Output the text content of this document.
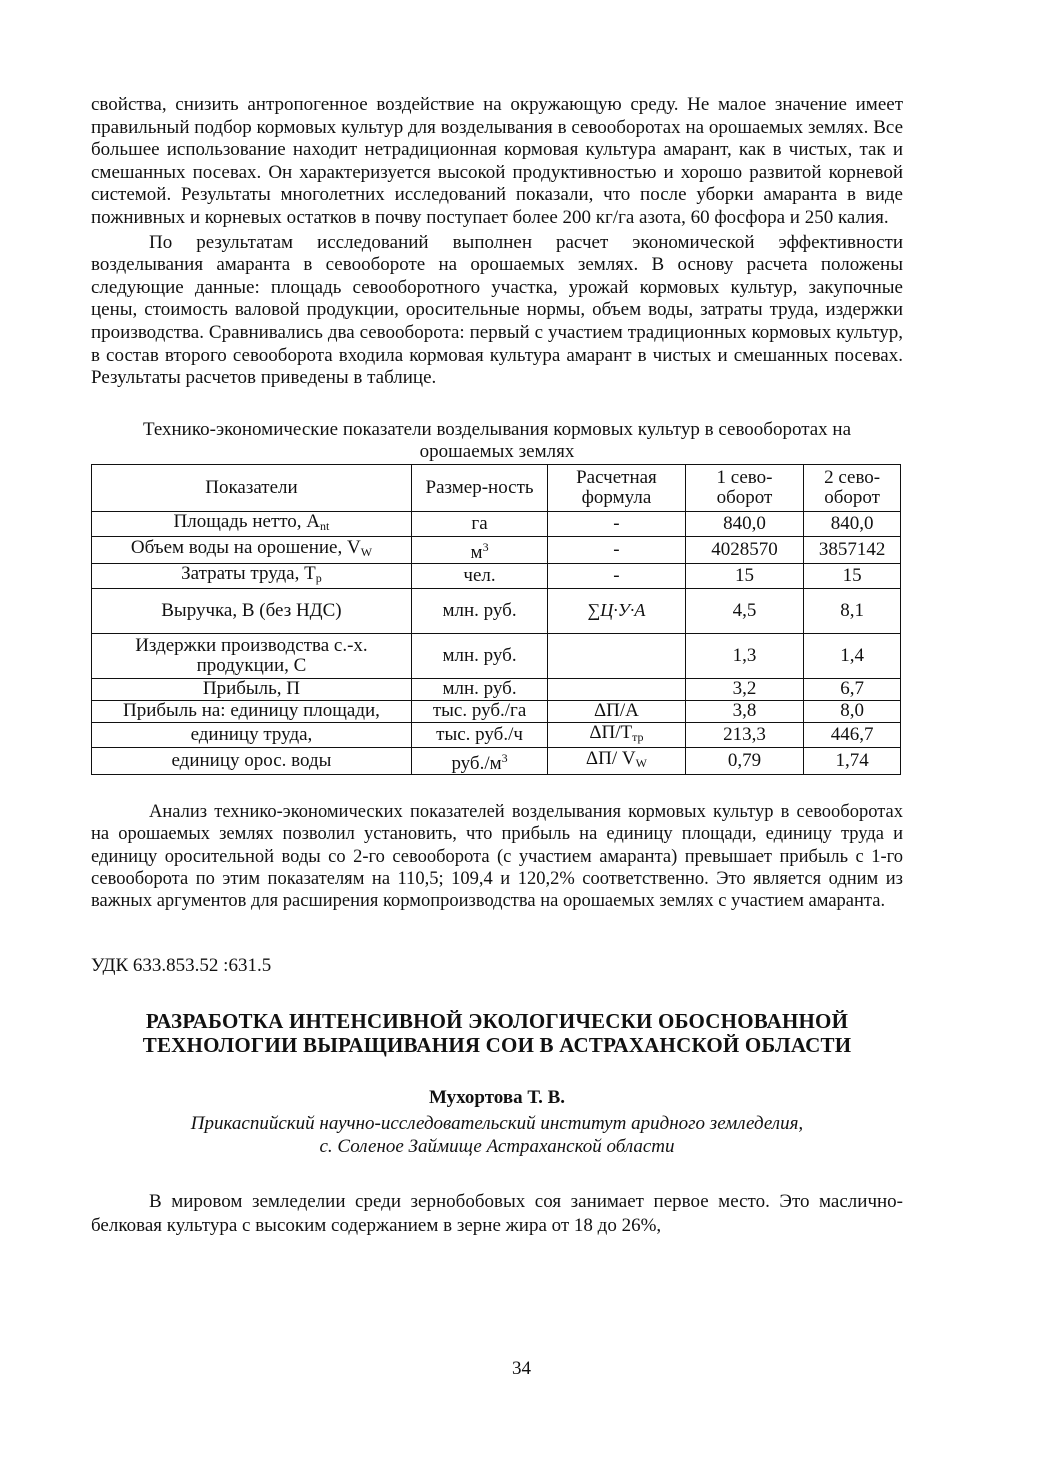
свойства, снизить антропогенное воздействие на окружающую среду. Не малое значение имеет правильный подбор кормовых культур для возделывания в севооборотах на орошаемых землях. Все большее использование находит нетрадиционная кормовая культура амарант, как в чистых, так и смешанных посевах. Он характеризуется высокой продуктивностью и хорошо развитой корневой системой. Результаты многолетних исследований показали, что после уборки амаранта в виде пожнивных и корневых остатков в почву поступает более 200 кг/га азота, 60 фосфора и 250 калия.

По результатам исследований выполнен расчет экономической эффективности возделывания амаранта в севообороте на орошаемых землях. В основу расчета положены следующие данные: площадь севооборотного участка, урожай кормовых культур, закупочные цены, стоимость валовой продукции, оросительные нормы, объем воды, затраты труда, издержки производства. Сравнивались два севооборота: первый с участием традиционных кормовых культур, в состав второго севооборота входила кормовая культура амарант в чистых и смешанных посевах. Результаты расчетов приведены в таблице.

Технико-экономические показатели возделывания кормовых культур в севооборотах на орошаемых землях
Показатели	Размер-ность	Расчетная формула	1 сево-оборот	2 сево-оборот
Площадь нетто, $A_{nt}$	га	-	840,0	840,0
Объем воды на орошение, $V_W$	$м^3$	-	4028570	3857142
Затраты труда, $T_p$	чел.	-	15	15
Выручка, В (без НДС)	млн. руб.	∑Ц·У·A	4,5	8,1
Издержки производства с.-х. продукции, С	млн. руб.		1,3	1,4
Прибыль, П	млн. руб.		3,2	6,7
Прибыль на: единицу площади,	тыс. руб./га	ΔП/A	3,8	8,0
единицу труда,	тыс. руб./ч	$\Delta П/T_{тр}$	213,3	446,7
единицу орос. воды	$руб./м^3$	ΔП/ $V_W$	0,79	1,74

Анализ технико-экономических показателей возделывания кормовых культур в севооборотах на орошаемых землях позволил установить, что прибыль на единицу площади, единицу труда и единицу оросительной воды со 2-го севооборота (с участием амаранта) превышает прибыль с 1-го севооборота по этим показателям на 110,5; 109,4 и 120,2% соответственно. Это является одним из важных аргументов для расширения кормопроизводства на орошаемых землях с участием амаранта.

УДК 633.853.52 :631.5
РАЗРАБОТКА ИНТЕНСИВНОЙ ЭКОЛОГИЧЕСКИ ОБОСНОВАННОЙ
ТЕХНОЛОГИИ ВЫРАЩИВАНИЯ СОИ В АСТРАХАНСКОЙ ОБЛАСТИ
Мухортова Т. В.
Прикаспийский научно-исследовательский институт аридного земледелия,
с. Соленое Займище Астраханской области

В мировом земледелии среди зернобобовых соя занимает первое место. Это маслично-белковая культура с высоким содержанием в зерне жира от 18 до 26%,

34
